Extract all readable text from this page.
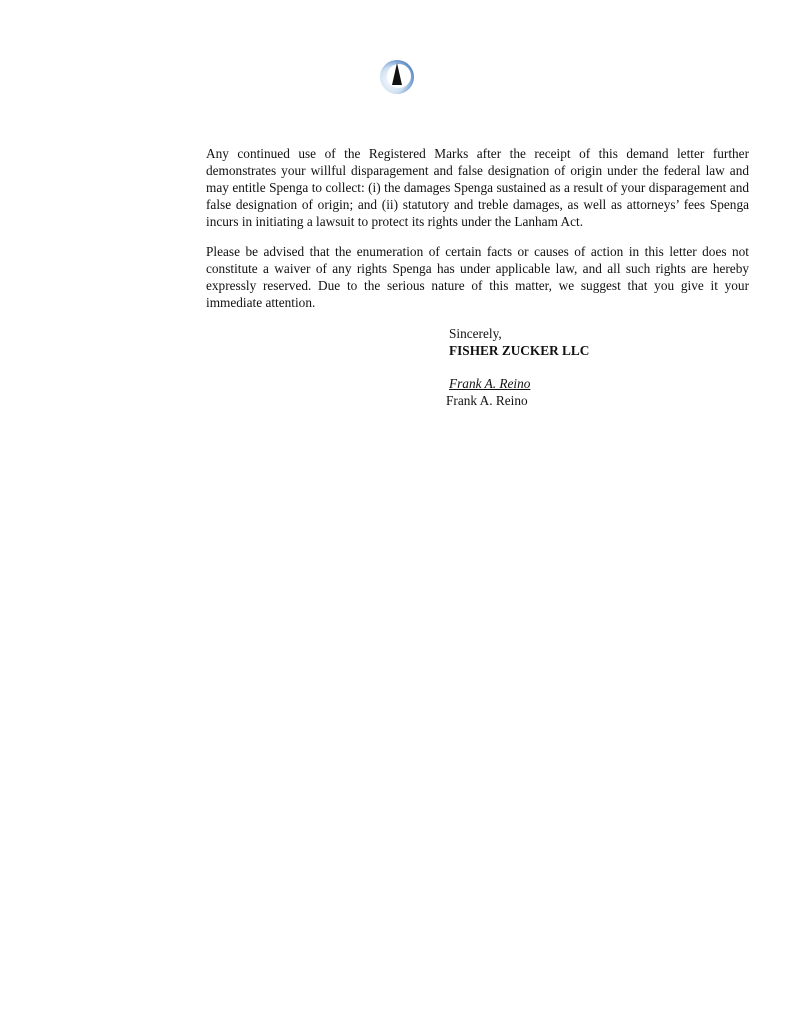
Any continued use of the Registered Marks after the receipt of this demand letter further demonstrates your willful disparagement and false designation of origin under the federal law and may entitle Spenga to collect: (i) the damages Spenga sustained as a result of your disparagement and false designation of origin; and (ii) statutory and treble damages, as well as attorneys’ fees Spenga incurs in initiating a lawsuit to protect its rights under the Lanham Act.

Please be advised that the enumeration of certain facts or causes of action in this letter does not constitute a waiver of any rights Spenga has under applicable law, and all such rights are hereby expressly reserved. Due to the serious nature of this matter, we suggest that you give it your immediate attention.

Sincerely,

FISHER ZUCKER LLC

Frank A. Reino

Frank A. Reino
